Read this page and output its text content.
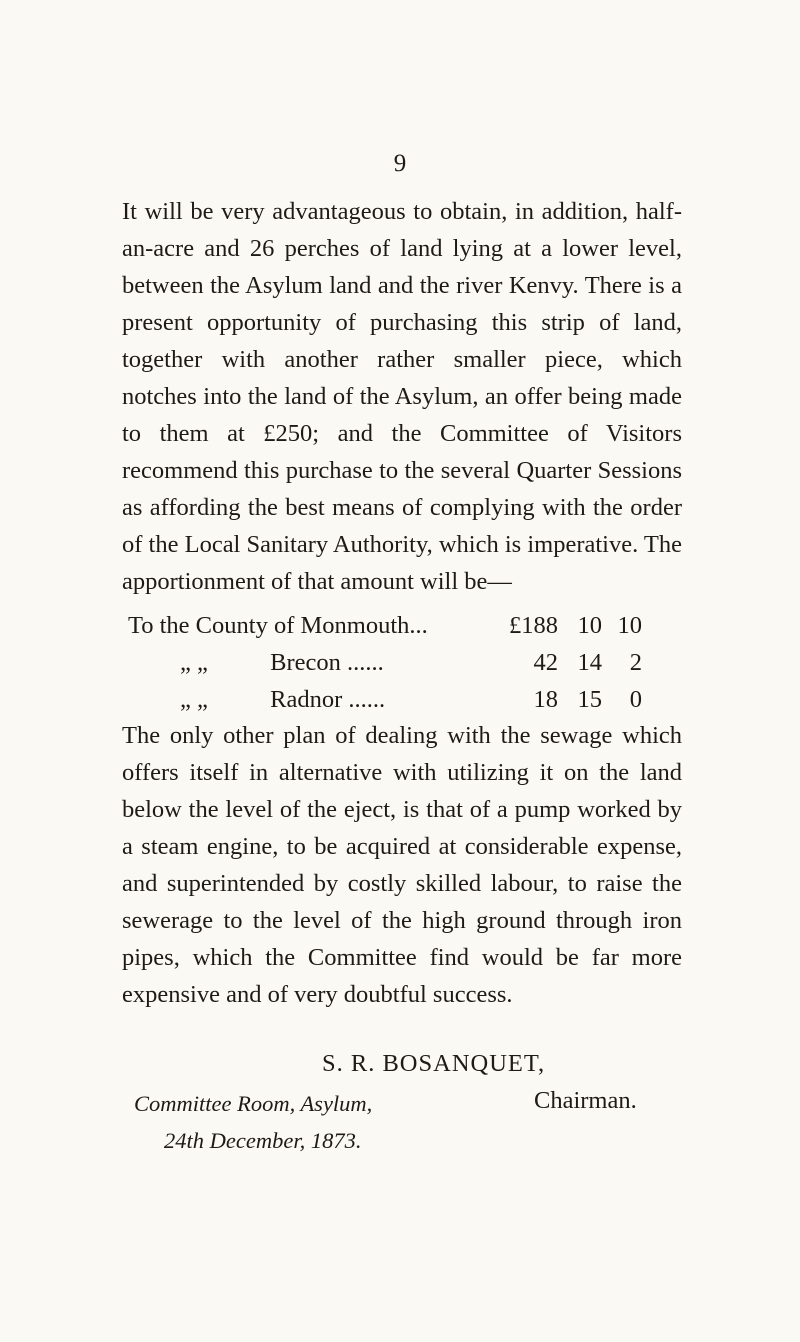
9

It will be very advantageous to obtain, in addition, half-an-acre and 26 perches of land lying at a lower level, between the Asylum land and the river Kenvy. There is a present opportunity of purchasing this strip of land, together with another rather smaller piece, which notches into the land of the Asylum, an offer being made to them at £250; and the Committee of Visitors recommend this purchase to the several Quarter Sessions as affording the best means of complying with the order of the Local Sanitary Authority, which is imperative. The apportionment of that amount will be—

To the County of Monmouth...	£188 10 10
„ „	Brecon ......	42 14	2
„ „	Radnor ......	18 15	0

The only other plan of dealing with the sewage which offers itself in alternative with utilizing it on the land below the level of the eject, is that of a pump worked by a steam engine, to be acquired at considerable expense, and superintended by costly skilled labour, to raise the sewerage to the level of the high ground through iron pipes, which the Committee find would be far more expensive and of very doubtful success.

S. R. BOSANQUET,
Chairman.
Committee Room, Asylum,
24th December, 1873.
